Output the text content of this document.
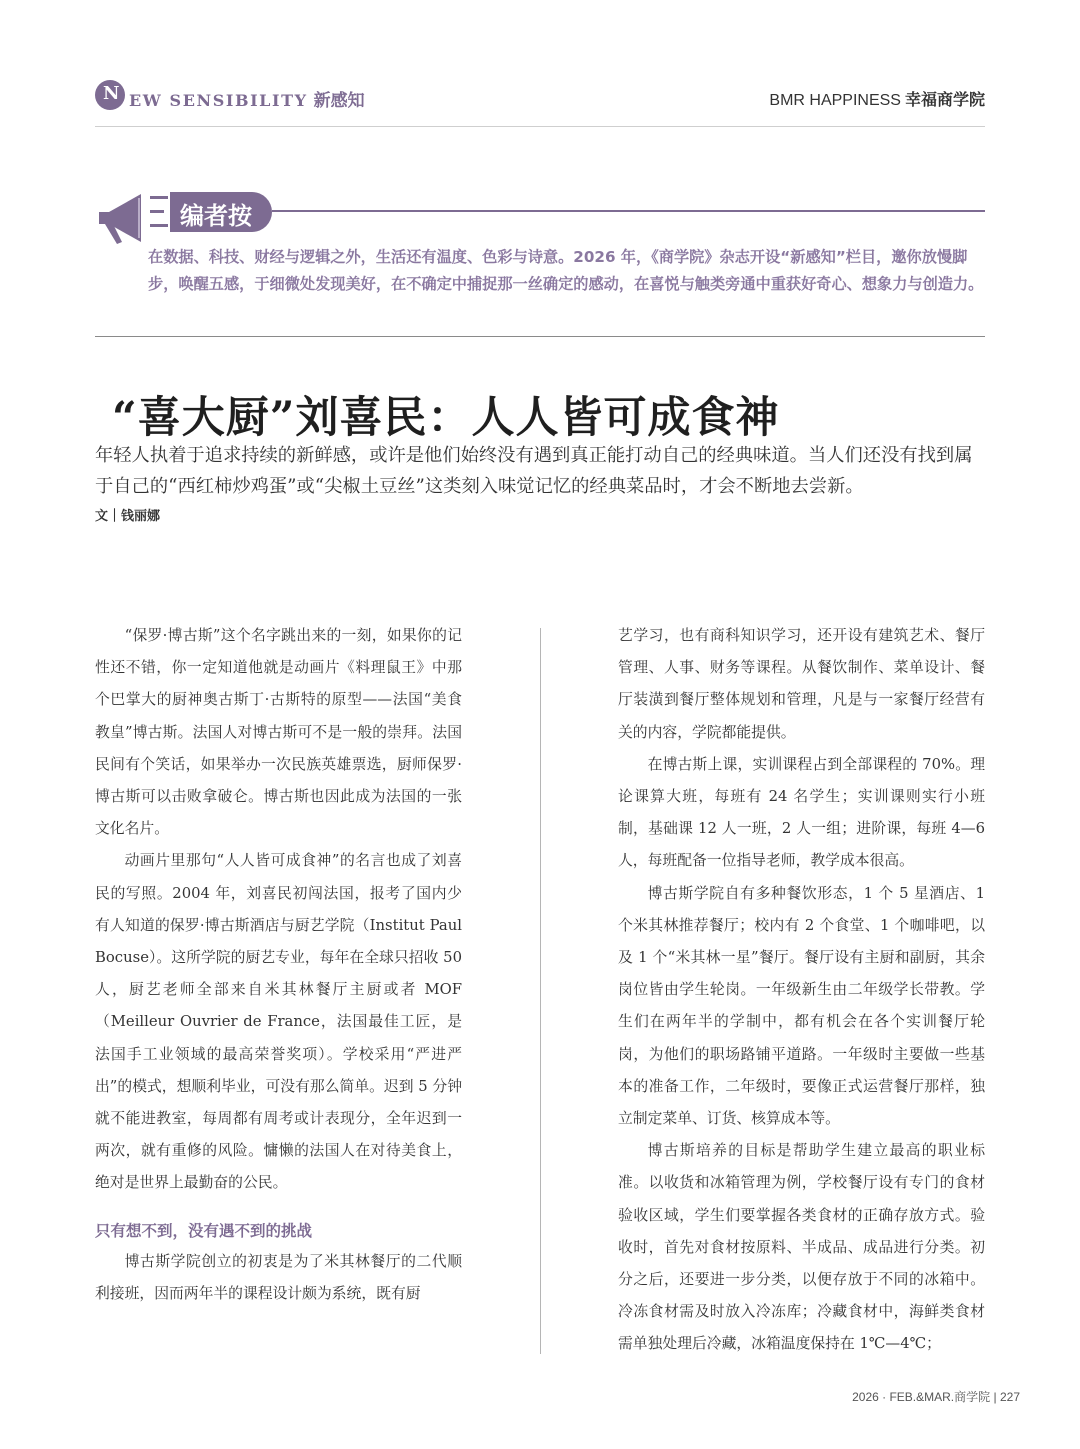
N EW SENSIBILITY 新感知	BMR HAPPINESS 幸福商学院
编者按

在数据、科技、财经与逻辑之外，生活还有温度、色彩与诗意。2026 年，《商学院》杂志开设“新感知”栏目，邀你放慢脚步，唤醒五感，于细微处发现美好，在不确定中捕捉那一丝确定的感动，在喜悦与触类旁通中重获好奇心、想象力与创造力。

“喜大厨”刘喜民：人人皆可成食神

年轻人执着于追求持续的新鲜感，或许是他们始终没有遇到真正能打动自己的经典味道。当人们还没有找到属于自己的“西红柿炒鸡蛋”或“尖椒土豆丝”这类刻入味觉记忆的经典菜品时，才会不断地去尝新。

文｜钱丽娜

“保罗·博古斯”这个名字跳出来的一刻，如果你的记性还不错，你一定知道他就是动画片《料理鼠王》中那个巴掌大的厨神奥古斯丁·古斯特的原型——法国“美食教皇”博古斯。法国人对博古斯可不是一般的崇拜。法国民间有个笑话，如果举办一次民族英雄票选，厨师保罗·博古斯可以击败拿破仑。博古斯也因此成为法国的一张文化名片。

动画片里那句“人人皆可成食神”的名言也成了刘喜民的写照。2004 年，刘喜民初闯法国，报考了国内少有人知道的保罗·博古斯酒店与厨艺学院（Institut Paul Bocuse）。这所学院的厨艺专业，每年在全球只招收 50 人，厨艺老师全部来自米其林餐厅主厨或者 MOF（Meilleur Ouvrier de France，法国最佳工匠，是法国手工业领域的最高荣誉奖项）。学校采用“严进严出”的模式，想顺利毕业，可没有那么简单。迟到 5 分钟就不能进教室，每周都有周考或计表现分，全年迟到一两次，就有重修的风险。慵懒的法国人在对待美食上，绝对是世界上最勤奋的公民。

只有想不到，没有遇不到的挑战

博古斯学院创立的初衷是为了米其林餐厅的二代顺利接班，因而两年半的课程设计颇为系统，既有厨

艺学习，也有商科知识学习，还开设有建筑艺术、餐厅管理、人事、财务等课程。从餐饮制作、菜单设计、餐厅装潢到餐厅整体规划和管理，凡是与一家餐厅经营有关的内容，学院都能提供。

在博古斯上课，实训课程占到全部课程的 70%。理论课算大班，每班有 24 名学生；实训课则实行小班制，基础课 12 人一班，2 人一组；进阶课，每班 4—6 人，每班配备一位指导老师，教学成本很高。

博古斯学院自有多种餐饮形态，1 个 5 星酒店、1 个米其林推荐餐厅；校内有 2 个食堂、1 个咖啡吧，以及 1 个“米其林一星”餐厅。餐厅设有主厨和副厨，其余岗位皆由学生轮岗。一年级新生由二年级学长带教。学生们在两年半的学制中，都有机会在各个实训餐厅轮岗，为他们的职场路铺平道路。一年级时主要做一些基本的准备工作，二年级时，要像正式运营餐厅那样，独立制定菜单、订货、核算成本等。

博古斯培养的目标是帮助学生建立最高的职业标准。以收货和冰箱管理为例，学校餐厅设有专门的食材验收区域，学生们要掌握各类食材的正确存放方式。验收时，首先对食材按原料、半成品、成品进行分类。初分之后，还要进一步分类，以便存放于不同的冰箱中。冷冻食材需及时放入冷冻库；冷藏食材中，海鲜类食材需单独处理后冷藏，冰箱温度保持在 1℃—4℃；

2026 · FEB.&MAR.商学院 | 227
